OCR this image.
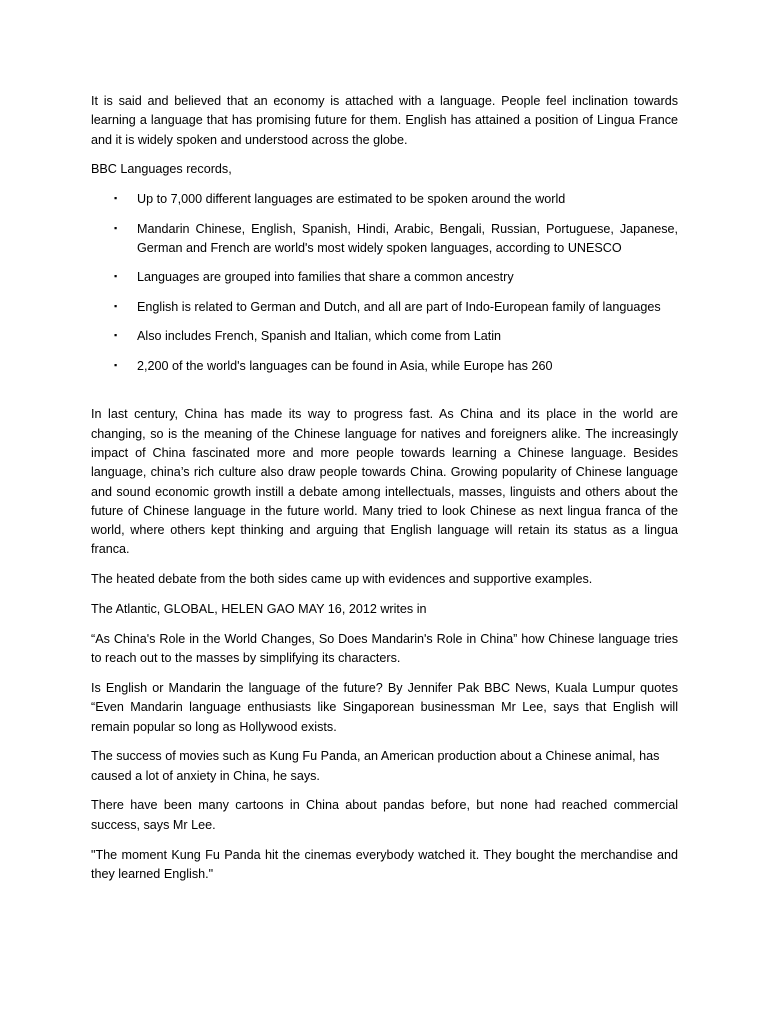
It is said and believed that an economy is attached with a language. People feel inclination towards learning a language that has promising future for them. English has attained a position of Lingua France and it is widely spoken and understood across the globe.

BBC Languages records,

▪ Up to 7,000 different languages are estimated to be spoken around the world
▪ Mandarin Chinese, English, Spanish, Hindi, Arabic, Bengali, Russian, Portuguese, Japanese, German and French are world's most widely spoken languages, according to UNESCO
▪ Languages are grouped into families that share a common ancestry
▪ English is related to German and Dutch, and all are part of Indo-European family of languages
▪ Also includes French, Spanish and Italian, which come from Latin
▪ 2,200 of the world's languages can be found in Asia, while Europe has 260

In last century, China has made its way to progress fast. As China and its place in the world are changing, so is the meaning of the Chinese language for natives and foreigners alike. The increasingly impact of China fascinated more and more people towards learning a Chinese language. Besides language, china’s rich culture also draw people towards China. Growing popularity of Chinese language and sound economic growth instill a debate among intellectuals, masses, linguists and others about the future of Chinese language in the future world. Many tried to look Chinese as next lingua franca of the world, where others kept thinking and arguing that English language will retain its status as a lingua franca.

The heated debate from the both sides came up with evidences and supportive examples.

The Atlantic, GLOBAL, HELEN GAO MAY 16, 2012 writes in

“As China's Role in the World Changes, So Does Mandarin's Role in China” how Chinese language tries to reach out to the masses by simplifying its characters.

Is English or Mandarin the language of the future? By Jennifer Pak BBC News, Kuala Lumpur quotes “Even Mandarin language enthusiasts like Singaporean businessman Mr Lee, says that English will remain popular so long as Hollywood exists.

The success of movies such as Kung Fu Panda, an American production about a Chinese animal, has caused a lot of anxiety in China, he says.

There have been many cartoons in China about pandas before, but none had reached commercial success, says Mr Lee.

"The moment Kung Fu Panda hit the cinemas everybody watched it. They bought the merchandise and they learned English."
